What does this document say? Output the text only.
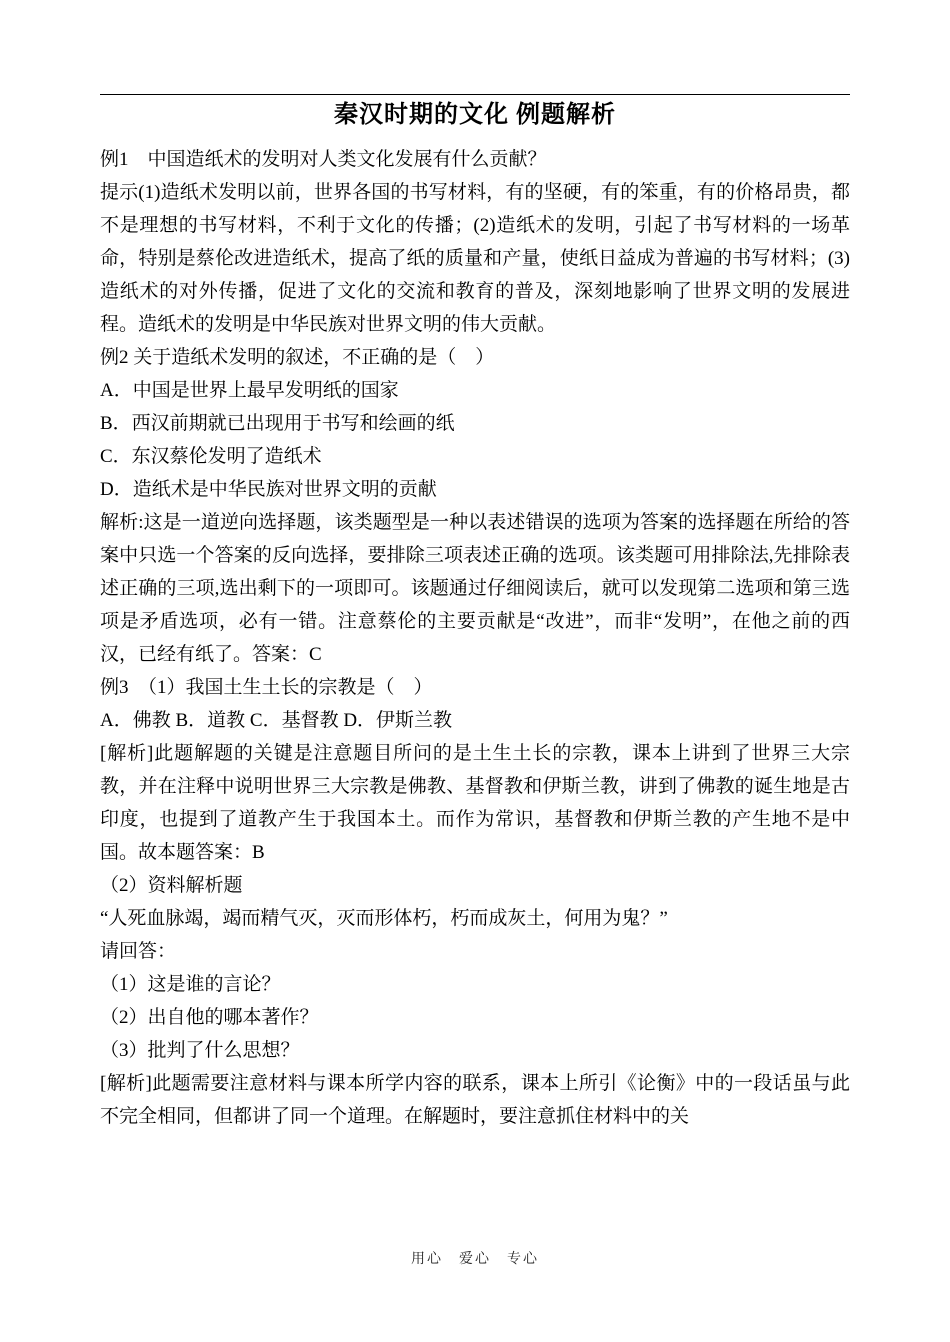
秦汉时期的文化 例题解析

例1　中国造纸术的发明对人类文化发展有什么贡献？

提示(1)造纸术发明以前，世界各国的书写材料，有的坚硬，有的笨重，有的价格昂贵，都不是理想的书写材料，不利于文化的传播；(2)造纸术的发明，引起了书写材料的一场革命，特别是蔡伦改进造纸术，提高了纸的质量和产量，使纸日益成为普遍的书写材料；(3)造纸术的对外传播，促进了文化的交流和教育的普及，深刻地影响了世界文明的发展进程。造纸术的发明是中华民族对世界文明的伟大贡献。

例2 关于造纸术发明的叙述，不正确的是（　）

A．中国是世界上最早发明纸的国家

B．西汉前期就已出现用于书写和绘画的纸

C．东汉蔡伦发明了造纸术

D．造纸术是中华民族对世界文明的贡献

解析:这是一道逆向选择题，该类题型是一种以表述错误的选项为答案的选择题在所给的答案中只选一个答案的反向选择，要排除三项表述正确的选项。该类题可用排除法,先排除表述正确的三项,选出剩下的一项即可。该题通过仔细阅读后，就可以发现第二选项和第三选项是矛盾选项，必有一错。注意蔡伦的主要贡献是“改进”，而非“发明”，在他之前的西汉，已经有纸了。答案：C

例3　（1）我国土生土长的宗教是（　）

A．佛教 B．道教 C．基督教 D．伊斯兰教

[解析]此题解题的关键是注意题目所问的是土生土长的宗教，课本上讲到了世界三大宗教，并在注释中说明世界三大宗教是佛教、基督教和伊斯兰教，讲到了佛教的诞生地是古印度，也提到了道教产生于我国本土。而作为常识，基督教和伊斯兰教的产生地不是中国。故本题答案：B

（2）资料解析题

“人死血脉竭，竭而精气灭，灭而形体朽，朽而成灰土，何用为鬼？”

请回答：

（1）这是谁的言论？

（2）出自他的哪本著作？

（3）批判了什么思想？

[解析]此题需要注意材料与课本所学内容的联系，课本上所引《论衡》中的一段话虽与此不完全相同，但都讲了同一个道理。在解题时，要注意抓住材料中的关

用心　爱心　专心
